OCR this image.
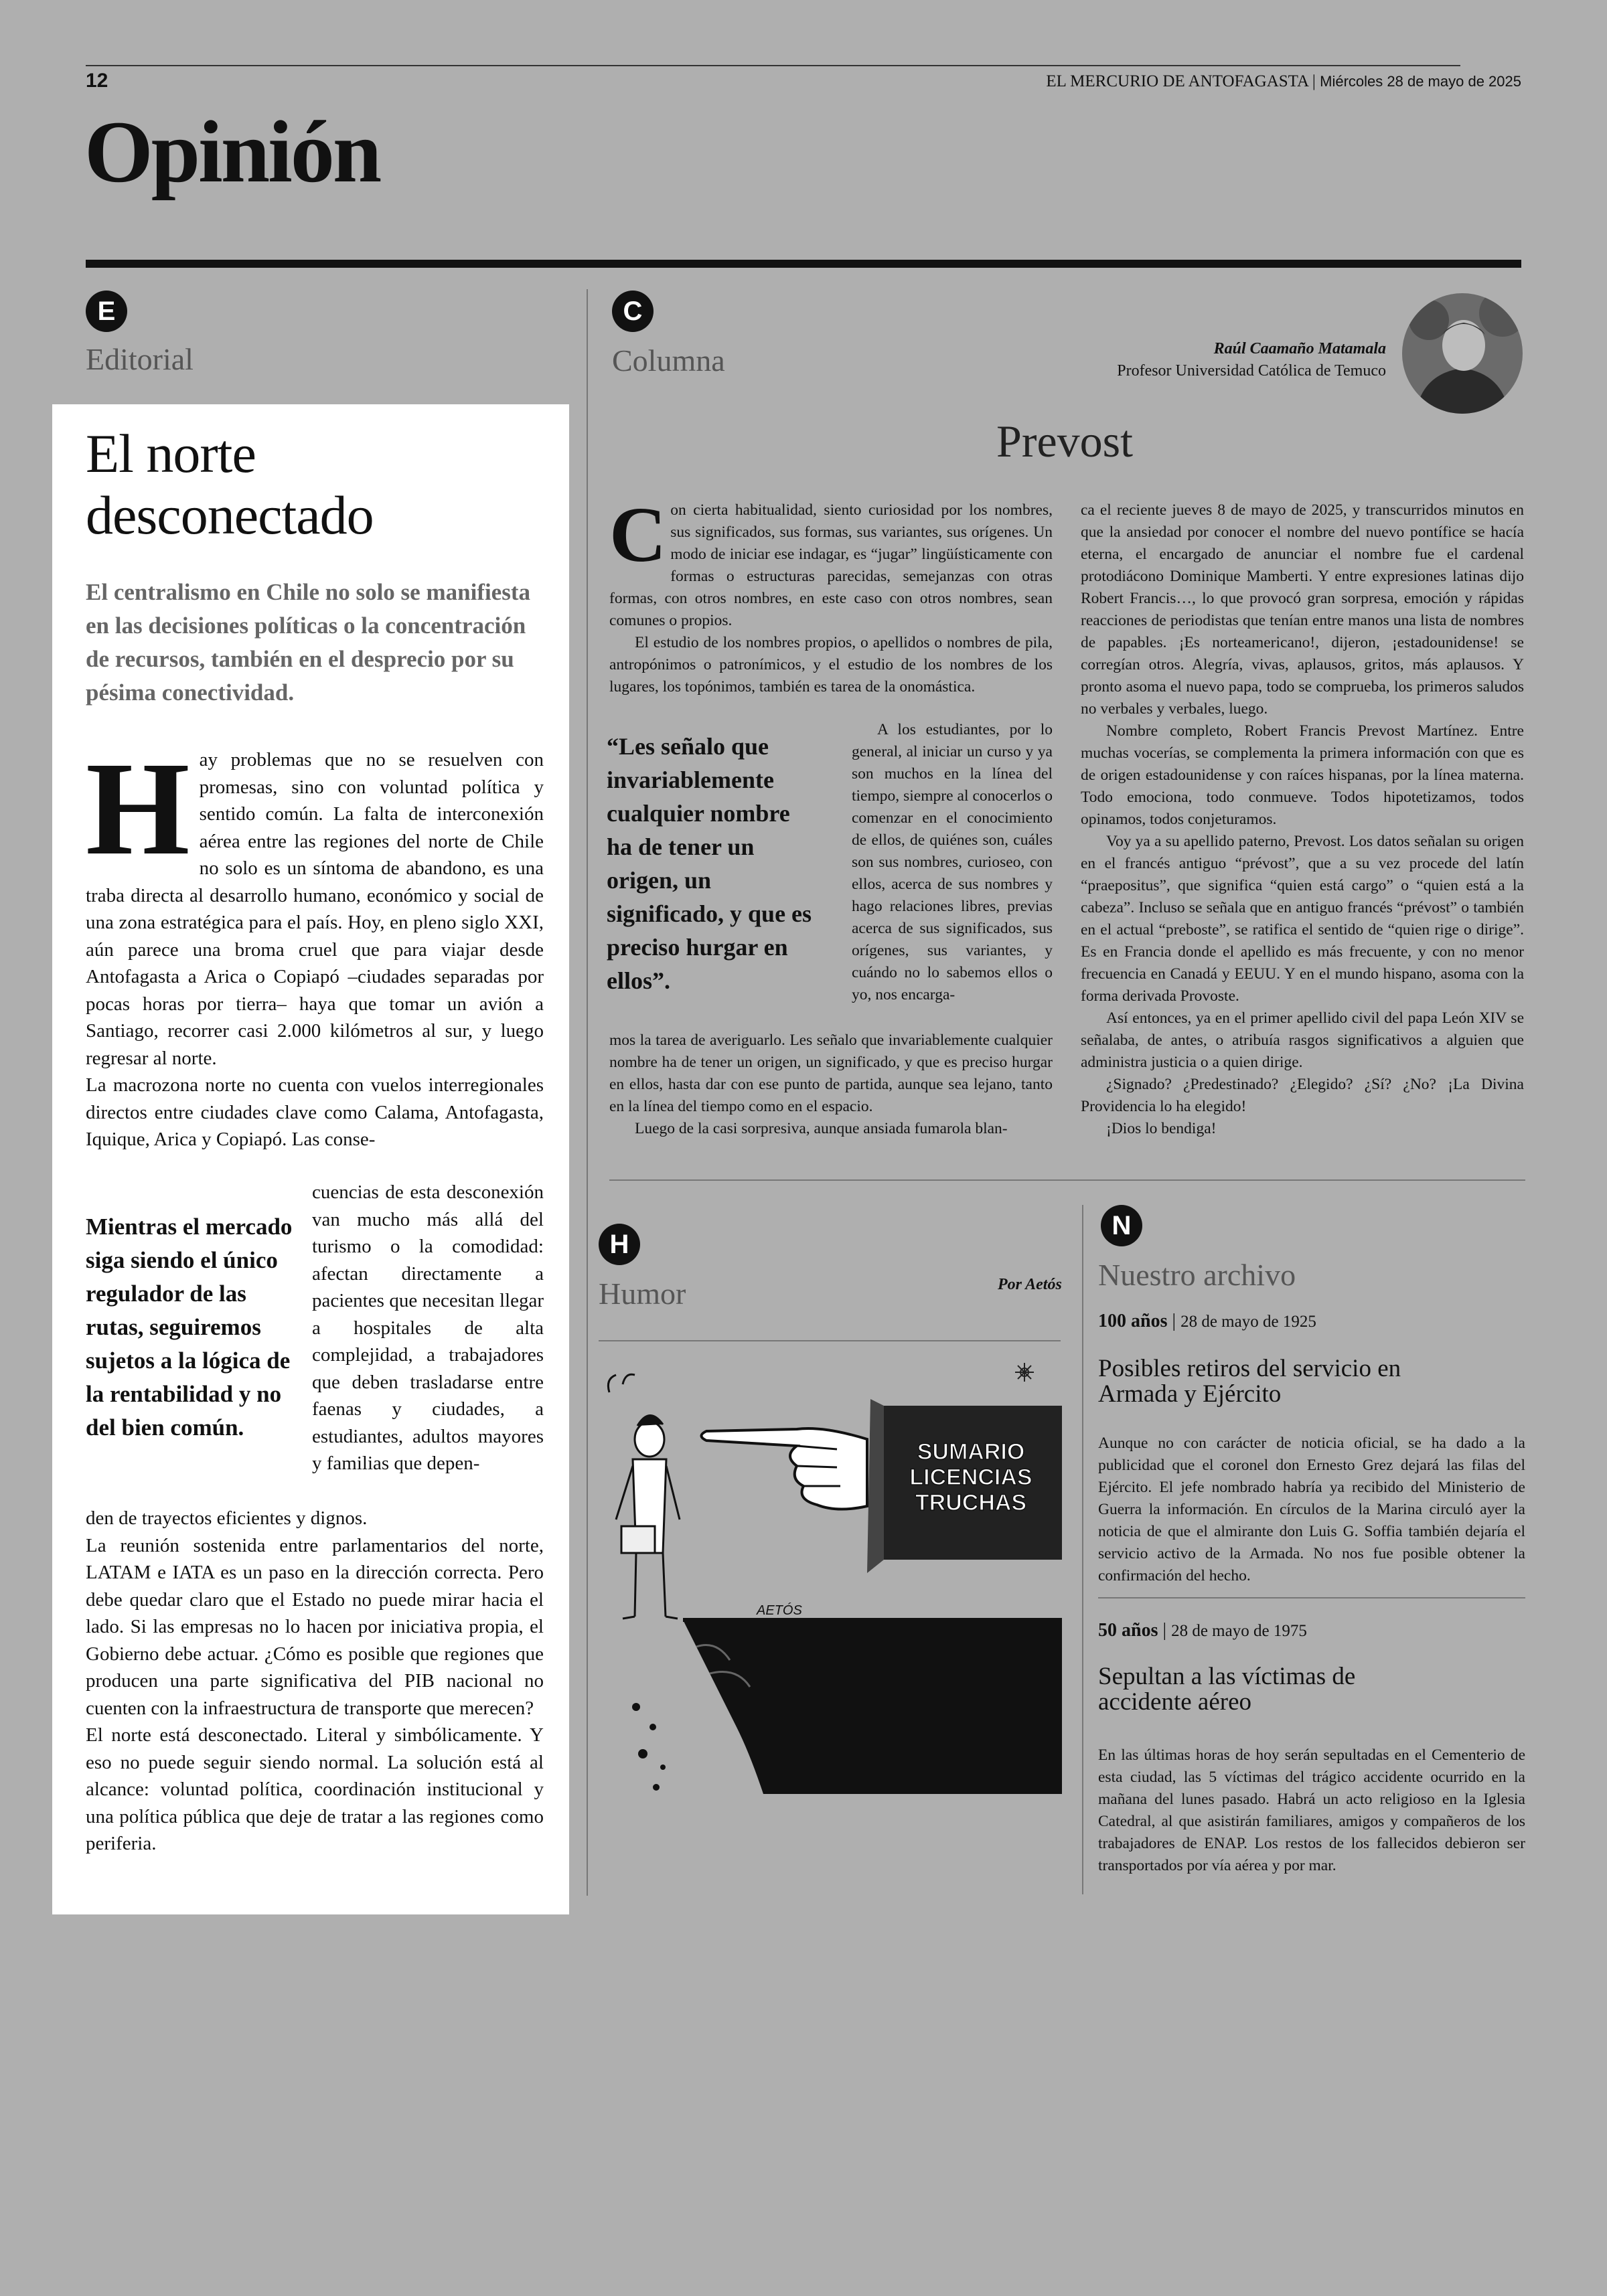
12	EL MERCURIO DE ANTOFAGASTA | Miércoles 28 de mayo de 2025
Opinión
E
Editorial
El norte
desconectado
El centralismo en Chile no solo se manifiesta en las decisiones políticas o la concentración de recursos, también en el desprecio por su pésima conectividad.
H ay problemas que no se resuelven con promesas, sino con voluntad política y sentido común. La falta de interconexión aérea entre las regiones del norte de Chile no solo es un síntoma de abandono, es una traba directa al desarrollo humano, económico y social de una zona estratégica para el país. Hoy, en pleno siglo XXI, aún parece una broma cruel que para viajar desde Antofagasta a Arica o Copiapó –ciudades separadas por pocas horas por tierra– haya que tomar un avión a Santiago, recorrer casi 2.000 kilómetros al sur, y luego regresar al norte.

La macrozona norte no cuenta con vuelos interregionales directos entre ciudades clave como Calama, Antofagasta, Iquique, Arica y Copiapó. Las conse-

cuencias de esta desconexión van mucho más allá del turismo o la comodidad: afectan directamente a pacientes que necesitan llegar a hospitales de alta complejidad, a trabajadores que deben trasladarse entre faenas y ciudades, a estudiantes, adultos mayores y familias que depen-
Mientras el mercado siga siendo el único regulador de las rutas, seguiremos sujetos a la lógica de la rentabilidad y no del bien común.

den de trayectos eficientes y dignos.

La reunión sostenida entre parlamentarios del norte, LATAM e IATA es un paso en la dirección correcta. Pero debe quedar claro que el Estado no puede mirar hacia el lado. Si las empresas no lo hacen por iniciativa propia, el Gobierno debe actuar. ¿Cómo es posible que regiones que producen una parte significativa del PIB nacional no cuenten con la infraestructura de transporte que merecen?

El norte está desconectado. Literal y simbólicamente. Y eso no puede seguir siendo normal. La solución está al alcance: voluntad política, coordinación institucional y una política pública que deje de tratar a las regiones como periferia.

C
Columna	Raúl Caamaño Matamala
Profesor Universidad Católica de Temuco
Prevost
C on cierta habitualidad, siento curiosidad por los nombres, sus significados, sus formas, sus variantes, sus orígenes. Un modo de iniciar ese indagar, es “jugar” lingüísticamente con formas o estructuras parecidas, semejanzas con otras formas, con otros nombres, en este caso con otros nombres, sean comunes o propios.

El estudio de los nombres propios, o apellidos o nombres de pila, antropónimos o patronímicos, y el estudio de los nombres de los lugares, los topónimos, también es tarea de la onomástica.

“Les señalo que invariablemente cualquier nombre ha de tener un origen, un significado, y que es preciso hurgar en ellos”.
A los estudiantes, por lo general, al iniciar un curso y ya son muchos en la línea del tiempo, siempre al conocerlos o comenzar en el conocimiento de ellos, de quiénes son, cuáles son sus nombres, curioseo, con ellos, acerca de sus nombres y hago relaciones libres, previas acerca de sus significados, sus orígenes, sus variantes, y cuándo no lo sabemos ellos o yo, nos encarga-

mos la tarea de averiguarlo. Les señalo que invariablemente cualquier nombre ha de tener un origen, un significado, y que es preciso hurgar en ellos, hasta dar con ese punto de partida, aunque sea lejano, tanto en la línea del tiempo como en el espacio.

Luego de la casi sorpresiva, aunque ansiada fumarola blan-

ca el reciente jueves 8 de mayo de 2025, y transcurridos minutos en que la ansiedad por conocer el nombre del nuevo pontífice se hacía eterna, el encargado de anunciar el nombre fue el cardenal protodiácono Dominique Mamberti. Y entre expresiones latinas dijo Robert Francis…, lo que provocó gran sorpresa, emoción y rápidas reacciones de periodistas que tenían entre manos una lista de nombres de papables. ¡Es norteamericano!, dijeron, ¡estadounidense! se corregían otros. Alegría, vivas, aplausos, gritos, más aplausos. Y pronto asoma el nuevo papa, todo se comprueba, los primeros saludos no verbales y verbales, luego.

Nombre completo, Robert Francis Prevost Martínez. Entre muchas vocerías, se complementa la primera información con que es de origen estadounidense y con raíces hispanas, por la línea materna. Todo emociona, todo conmueve. Todos hipotetizamos, todos opinamos, todos conjeturamos.

Voy ya a su apellido paterno, Prevost. Los datos señalan su origen en el francés antiguo “prévost”, que a su vez procede del latín “praepositus”, que significa “quien está cargo” o “quien está a la cabeza”. Incluso se señala que en antiguo francés “prévost” o también en el actual “preboste”, se ratifica el sentido de “quien rige o dirige”. Es en Francia donde el apellido es más frecuente, y con no menor frecuencia en Canadá y EEUU. Y en el mundo hispano, asoma con la forma derivada Provoste.

Así entonces, ya en el primer apellido civil del papa León XIV se señalaba, de antes, o atribuía rasgos significativos a alguien que administra justicia o a quien dirige.

¿Signado? ¿Predestinado? ¿Elegido? ¿Sí? ¿No? ¡La Divina Providencia lo ha elegido!

¡Dios lo bendiga!

H
Humor	Por Aetós
SUMARIO
LICENCIAS
TRUCHAS
AETÓS
N
Nuestro archivo
100 años | 28 de mayo de 1925
Posibles retiros del servicio en Armada y Ejército
Aunque no con carácter de noticia oficial, se ha dado a la publicidad que el coronel don Ernesto Grez dejará las filas del Ejército. El jefe nombrado habría ya recibido del Ministerio de Guerra la información. En círculos de la Marina circuló ayer la noticia de que el almirante don Luis G. Soffia también dejaría el servicio activo de la Armada. No nos fue posible obtener la confirmación del hecho.
50 años | 28 de mayo de 1975
Sepultan a las víctimas de accidente aéreo
En las últimas horas de hoy serán sepultadas en el Cementerio de esta ciudad, las 5 víctimas del trágico accidente ocurrido en la mañana del lunes pasado. Habrá un acto religioso en la Iglesia Catedral, al que asistirán familiares, amigos y compañeros de los trabajadores de ENAP. Los restos de los fallecidos debieron ser transportados por vía aérea y por mar.
